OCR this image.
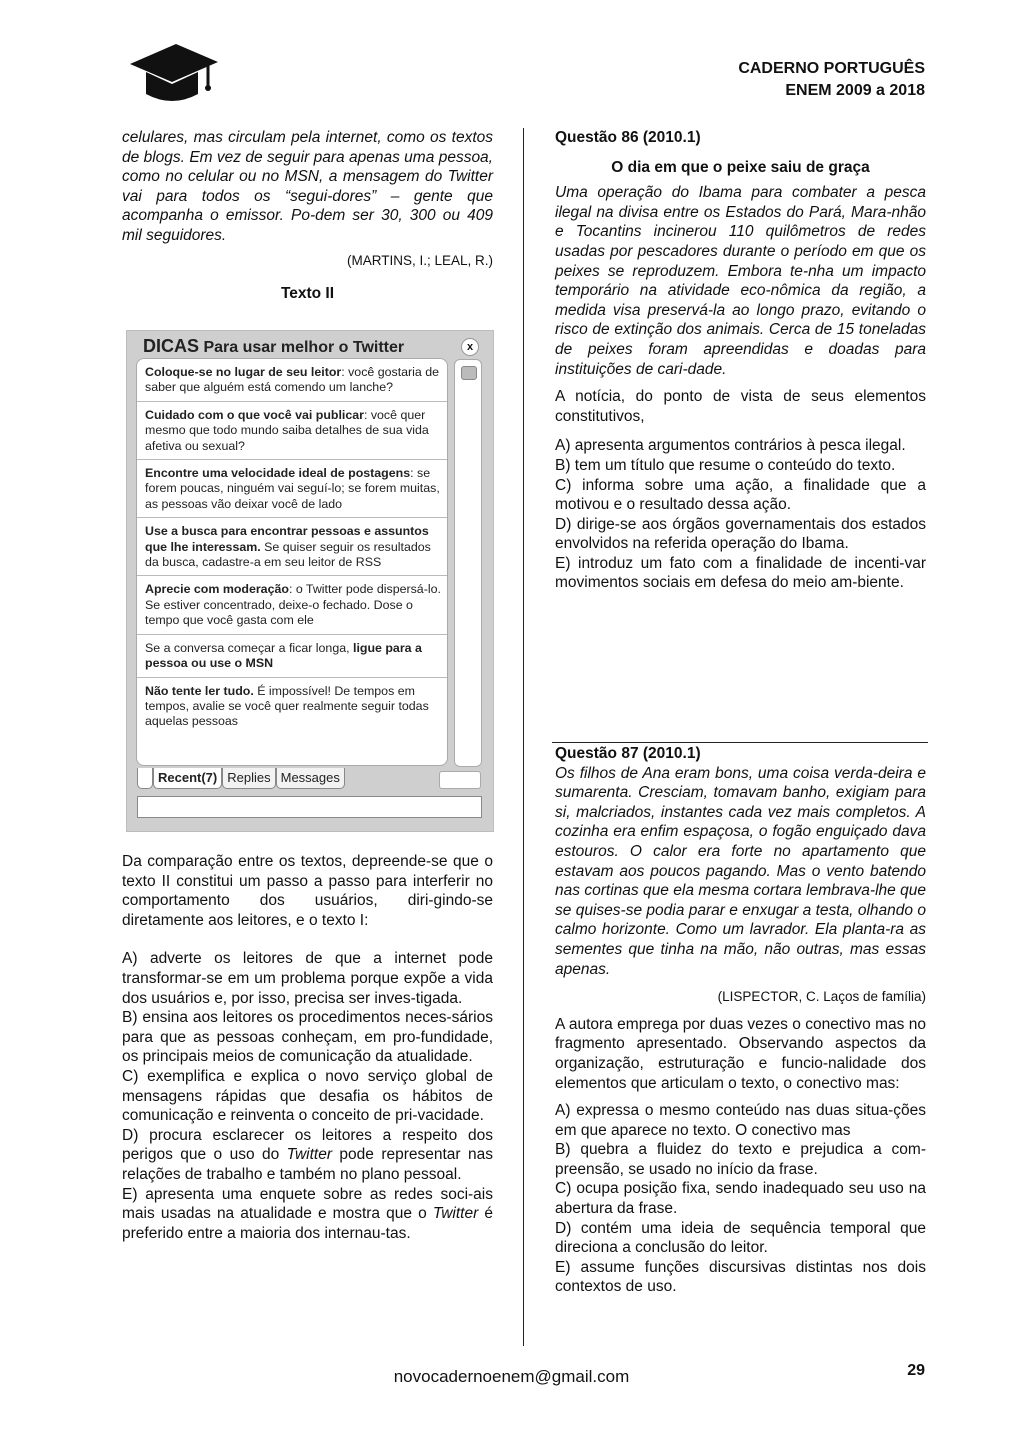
CADERNO PORTUGUÊS
ENEM 2009 a 2018

celulares, mas circulam pela internet, como os textos de blogs. Em vez de seguir para apenas uma pessoa, como no celular ou no MSN, a mensagem do Twitter vai para todos os “segui-dores” – gente que acompanha o emissor. Po-dem ser 30, 300 ou 409 mil seguidores.

(MARTINS, I.; LEAL, R.)

Texto II

DICAS Para usar melhor o Twitter	x
Coloque-se no lugar de seu leitor: você gostaria de saber que alguém está comendo um lanche?
Cuidado com o que você vai publicar: você quer mesmo que todo mundo saiba detalhes de sua vida afetiva ou sexual?
Encontre uma velocidade ideal de postagens: se forem poucas, ninguém vai seguí-lo; se forem muitas, as pessoas vão deixar você de lado
Use a busca para encontrar pessoas e assuntos que lhe interessam. Se quiser seguir os resultados da busca, cadastre-a em seu leitor de RSS
Aprecie com moderação: o Twitter pode dispersá-lo. Se estiver concentrado, deixe-o fechado. Dose o tempo que você gasta com ele
Se a conversa começar a ficar longa, ligue para a pessoa ou use o MSN
Não tente ler tudo. É impossível! De tempos em tempos, avalie se você quer realmente seguir todas aquelas pessoas
Recent(7) Replies Messages

Da comparação entre os textos, depreende-se que o texto II constitui um passo a passo para interferir no comportamento dos usuários, diri-gindo-se diretamente aos leitores, e o texto I:

A) adverte os leitores de que a internet pode transformar-se em um problema porque expõe a vida dos usuários e, por isso, precisa ser inves-tigada.

B) ensina aos leitores os procedimentos neces-sários para que as pessoas conheçam, em pro-fundidade, os principais meios de comunicação da atualidade.

C) exemplifica e explica o novo serviço global de mensagens rápidas que desafia os hábitos de comunicação e reinventa o conceito de pri-vacidade.

D) procura esclarecer os leitores a respeito dos perigos que o uso do Twitter pode representar nas relações de trabalho e também no plano pessoal.

E) apresenta uma enquete sobre as redes soci-ais mais usadas na atualidade e mostra que o Twitter é preferido entre a maioria dos internau-tas.

Questão 86 (2010.1)

O dia em que o peixe saiu de graça

Uma operação do Ibama para combater a pesca ilegal na divisa entre os Estados do Pará, Mara-nhão e Tocantins incinerou 110 quilômetros de redes usadas por pescadores durante o período em que os peixes se reproduzem. Embora te-nha um impacto temporário na atividade eco-nômica da região, a medida visa preservá-la ao longo prazo, evitando o risco de extinção dos animais. Cerca de 15 toneladas de peixes foram apreendidas e doadas para instituições de cari-dade.

A notícia, do ponto de vista de seus elementos constitutivos,

A) apresenta argumentos contrários à pesca ilegal.

B) tem um título que resume o conteúdo do texto.

C) informa sobre uma ação, a finalidade que a motivou e o resultado dessa ação.

D) dirige-se aos órgãos governamentais dos estados envolvidos na referida operação do Ibama.

E) introduz um fato com a finalidade de incenti-var movimentos sociais em defesa do meio am-biente.

Questão 87 (2010.1)

Os filhos de Ana eram bons, uma coisa verda-deira e sumarenta. Cresciam, tomavam banho, exigiam para si, malcriados, instantes cada vez mais completos. A cozinha era enfim espaçosa, o fogão enguiçado dava estouros. O calor era forte no apartamento que estavam aos poucos pagando. Mas o vento batendo nas cortinas que ela mesma cortara lembrava-lhe que se quises-se podia parar e enxugar a testa, olhando o calmo horizonte. Como um lavrador. Ela planta-ra as sementes que tinha na mão, não outras, mas essas apenas.

(LISPECTOR, C. Laços de família)

A autora emprega por duas vezes o conectivo mas no fragmento apresentado. Observando aspectos da organização, estruturação e funcio-nalidade dos elementos que articulam o texto, o conectivo mas:

A) expressa o mesmo conteúdo nas duas situa-ções em que aparece no texto. O conectivo mas

B) quebra a fluidez do texto e prejudica a com-preensão, se usado no início da frase.

C) ocupa posição fixa, sendo inadequado seu uso na abertura da frase.

D) contém uma ideia de sequência temporal que direciona a conclusão do leitor.

E) assume funções discursivas distintas nos dois contextos de uso.

novocadernoenem@gmail.com	29
